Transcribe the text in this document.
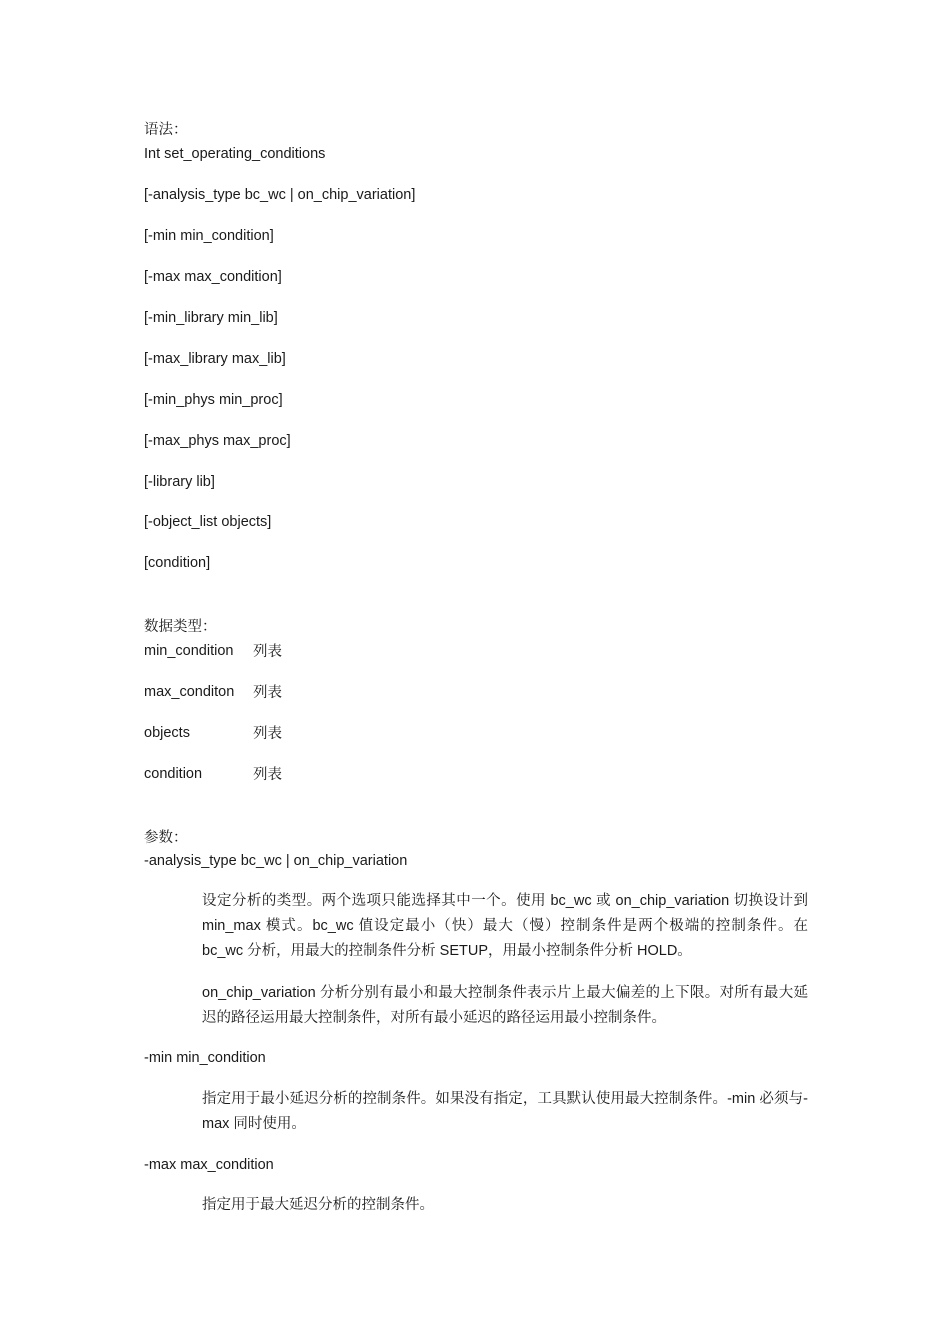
语法：
Int set_operating_conditions
[-analysis_type bc_wc | on_chip_variation]
[-min min_condition]
[-max max_condition]
[-min_library min_lib]
[-max_library max_lib]
[-min_phys min_proc]
[-max_phys max_proc]
[-library lib]
[-object_list objects]
[condition]
数据类型：
min_condition 列表
max_conditon 列表
objects	列表
condition	列表
参数：
-analysis_type bc_wc | on_chip_variation
设定分析的类型。两个选项只能选择其中一个。使用 bc_wc 或 on_chip_variation 切换设计到 min_max 模式。bc_wc 值设定最小（快）最大（慢）控制条件是两个极端的控制条件。在 bc_wc 分析，用最大的控制条件分析 SETUP，用最小控制条件分析 HOLD。
on_chip_variation 分析分别有最小和最大控制条件表示片上最大偏差的上下限。对所有最大延迟的路径运用最大控制条件，对所有最小延迟的路径运用最小控制条件。
-min min_condition
指定用于最小延迟分析的控制条件。如果没有指定，工具默认使用最大控制条件。-min 必须与-max 同时使用。
-max max_condition
指定用于最大延迟分析的控制条件。
